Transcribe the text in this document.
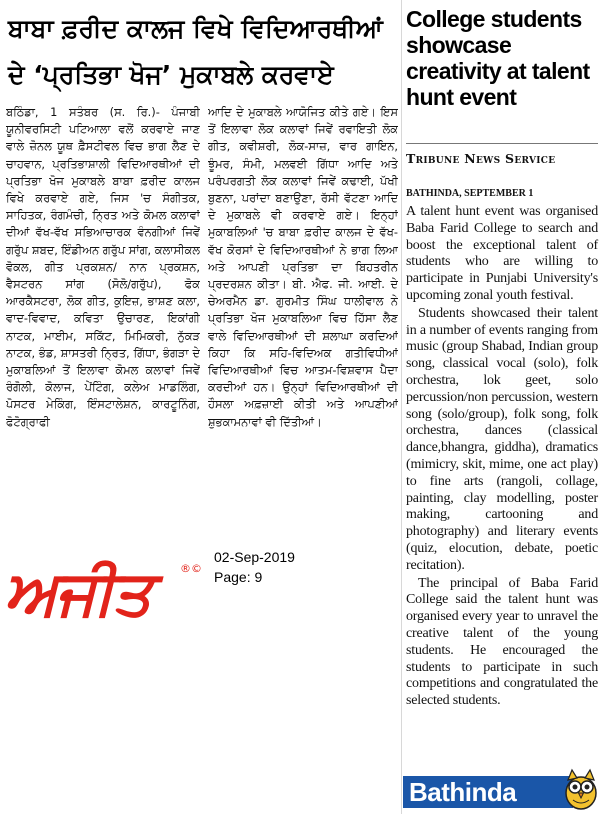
ਬਾਬਾ ਫ਼ਰੀਦ ਕਾਲਜ ਵਿਖੇ ਵਿਦਿਆਰਥੀਆਂ
ਦੇ ‘ਪ੍ਰਤਿਭਾ ਖੋਜ’ ਮੁਕਾਬਲੇ ਕਰਵਾਏ
ਬਠਿੰਡਾ, 1 ਸਤੰਬਰ (ਸ. ਰਿ.)- ਪੰਜਾਬੀ ਯੂਨੀਵਰਸਿਟੀ ਪਟਿਆਲਾ ਵਲੋਂ ਕਰਵਾਏ ਜਾਣ ਵਾਲੇ ਜ਼ੋਨਲ ਯੂਥ ਫ਼ੈਸਟੀਵਲ ਵਿਚ ਭਾਗ ਲੈਣ ਦੇ ਚਾਹਵਾਨ, ਪ੍ਰਤਿਭਾਸ਼ਾਲੀ ਵਿਦਿਆਰਥੀਆਂ ਦੀ ਪ੍ਰਤਿਭਾ ਖੋਜ ਮੁਕਾਬਲੇ ਬਾਬਾ ਫ਼ਰੀਦ ਕਾਲਜ ਵਿਖੇ ਕਰਵਾਏ ਗਏ, ਜਿਸ 'ਚ ਸੰਗੀਤਕ, ਸਾਹਿਤਕ, ਰੰਗਮੰਚੀ, ਨ੍ਰਿਤ ਅਤੇ ਕੋਮਲ ਕਲਾਵਾਂ ਦੀਆਂ ਵੱਖ-ਵੱਖ ਸਭਿਆਚਾਰਕ ਵੰਨਗੀਆਂ ਜਿਵੇਂ ਗਰੁੱਪ ਸ਼ਬਦ, ਇੰਡੀਅਨ ਗਰੁੱਪ ਸਾਂਗ, ਕਲਾਸੀਕਲ ਵੋਕਲ, ਗੀਤ ਪ੍ਰਕਸ਼ਨ/ ਨਾਨ ਪ੍ਰਕਸ਼ਨ, ਵੈਸਟਰਨ ਸਾਂਗ (ਸੋਲੋ/ਗਰੁੱਪ), ਫੋਕ ਆਰਕੈਸਟਰਾ, ਲੋਕ ਗੀਤ, ਕੁਇਜ਼, ਭਾਸ਼ਣ ਕਲਾ, ਵਾਦ-ਵਿਵਾਦ, ਕਵਿਤਾ ਉਚਾਰਣ, ਇਕਾਂਗੀ ਨਾਟਕ, ਮਾਈਮ, ਸਕਿੱਟ, ਮਿਮਿਕਰੀ, ਨੁੱਕੜ ਨਾਟਕ, ਭੰਡ, ਸ਼ਾਸਤਰੀ ਨ੍ਰਿਤ, ਗਿੱਧਾ, ਭੰਗੜਾ ਦੇ ਮੁਕਾਬਲਿਆਂ ਤੋਂ ਇਲਾਵਾ ਕੋਮਲ ਕਲਾਵਾਂ ਜਿਵੇਂ ਰੰਗੋਲੀ, ਕੋਲਾਜ, ਪੇਂਟਿੰਗ, ਕਲੇਅ ਮਾਡਲਿੰਗ, ਪੋਸਟਰ ਮੇਕਿੰਗ, ਇੰਸਟਾਲੇਸ਼ਨ, ਕਾਰਟੂਨਿੰਗ, ਫੋਟੋਗ੍ਰਾਫੀ
ਆਦਿ ਦੇ ਮੁਕਾਬਲੇ ਆਯੋਜਿਤ ਕੀਤੇ ਗਏ। ਇਸ ਤੋਂ ਇਲਾਵਾ ਲੋਕ ਕਲਾਵਾਂ ਜਿਵੇਂ ਰਵਾਇਤੀ ਲੋਕ ਗੀਤ, ਕਵੀਸ਼ਰੀ, ਲੋਕ-ਸਾਜ਼, ਵਾਰ ਗਾਇਨ, ਝੂੰਮਰ, ਸੰਮੀ, ਮਲਵਈ ਗਿੱਧਾ ਆਦਿ ਅਤੇ ਪਰੰਪਰਗਤੀ ਲੋਕ ਕਲਾਵਾਂ ਜਿਵੇਂ ਕਢਾਈ, ਪੱਖੀ ਬੁਣਨਾ, ਪਰਾਂਦਾ ਬਣਾਉਣਾ, ਰੱਸੀ ਵੱਟਣਾ ਆਦਿ ਦੇ ਮੁਕਾਬਲੇ ਵੀ ਕਰਵਾਏ ਗਏ। ਇਨ੍ਹਾਂ ਮੁਕਾਬਲਿਆਂ 'ਚ ਬਾਬਾ ਫ਼ਰੀਦ ਕਾਲਜ ਦੇ ਵੱਖ-ਵੱਖ ਕੋਰਸਾਂ ਦੇ ਵਿਦਿਆਰਥੀਆਂ ਨੇ ਭਾਗ ਲਿਆ ਅਤੇ ਆਪਣੀ ਪ੍ਰਤਿਭਾ ਦਾ ਬਿਹਤਰੀਨ ਪ੍ਰਦਰਸ਼ਨ ਕੀਤਾ। ਬੀ. ਐਫ. ਜੀ. ਆਈ. ਦੇ ਚੇਅਰਮੈਨ ਡਾ. ਗੁਰਮੀਤ ਸਿੰਘ ਧਾਲੀਵਾਲ ਨੇ ਪ੍ਰਤਿਭਾ ਖੋਜ ਮੁਕਾਬਲਿਆ ਵਿਚ ਹਿੱਸਾ ਲੈਣ ਵਾਲੇ ਵਿਦਿਆਰਥੀਆਂ ਦੀ ਸ਼ਲਾਘਾ ਕਰਦਿਆਂ ਕਿਹਾ ਕਿ ਸਹਿ-ਵਿਦਿਅਕ ਗਤੀਵਿਧੀਆਂ ਵਿਦਿਆਰਥੀਆਂ ਵਿਚ ਆਤਮ-ਵਿਸ਼ਵਾਸ ਪੈਦਾ ਕਰਦੀਆਂ ਹਨ। ਉਨ੍ਹਾਂ ਵਿਦਿਆਰਥੀਆਂ ਦੀ ਹੌਸਲਾ ਅਫ਼ਜ਼ਾਈ ਕੀਤੀ ਅਤੇ ਆਪਣੀਆਂ ਸ਼ੁਭਕਾਮਨਾਵਾਂ ਵੀ ਦਿੱਤੀਆਂ।
ਅਜੀਤ	®©
02-Sep-2019
Page: 9
College students showcase creativity at talent hunt event
Tribune News Service
BATHINDA, SEPTEMBER 1

A talent hunt event was organised Baba Farid College to search and boost the exceptional talent of students who are willing to participate in Punjabi University's upcoming zonal youth festival.

Students showcased their talent in a number of events ranging from music (group Shabad, Indian group song, classical vocal (solo), folk orchestra, lok geet, solo percussion/non percussion, western song (solo/group), folk song, folk orchestra, dances (classical dance,bhangra, giddha), dramatics (mimicry, skit, mime, one act play) to fine arts (rangoli, collage, painting, clay modelling, poster making, cartooning and photography) and literary events (quiz, elocution, debate, poetic recitation).

The principal of Baba Farid College said the talent hunt was organised every year to unravel the creative talent of the young students. He encouraged the students to participate in such competitions and congratulated the selected students.

Bathinda
